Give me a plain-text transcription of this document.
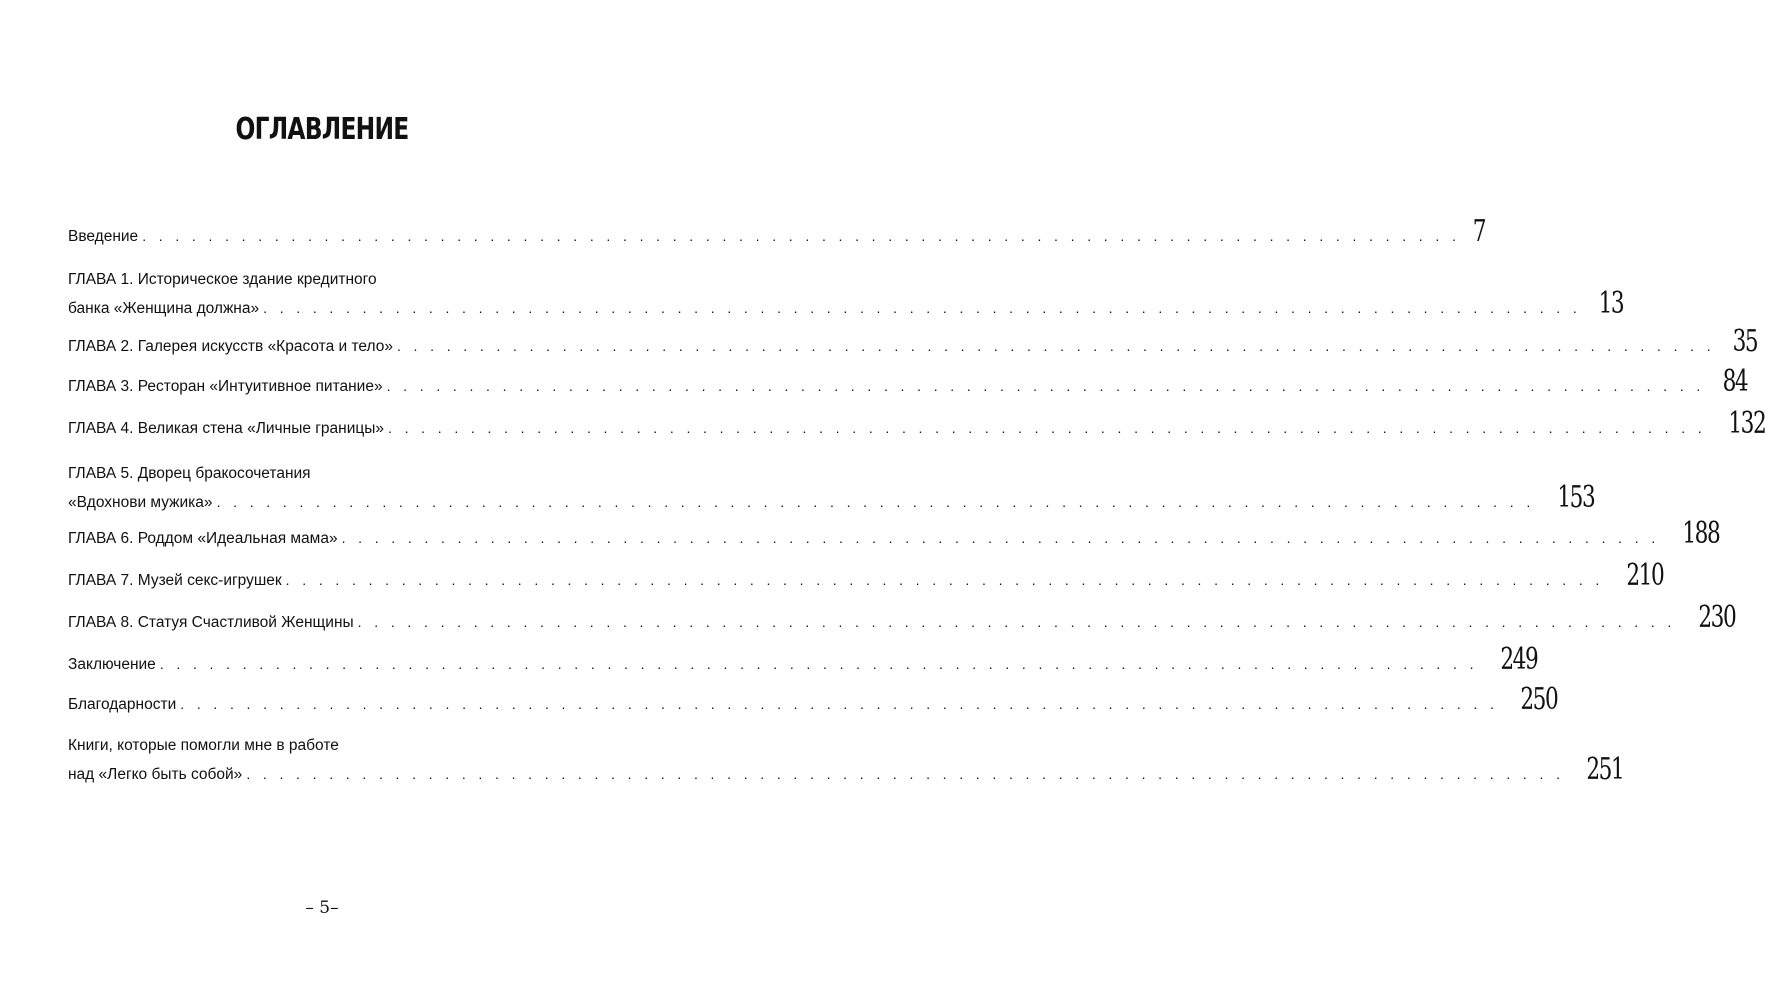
ОГЛАВЛЕНИЕ
Введение . . . . . . . . . . . . . . . . . . . . . . . . . . . . . . . . . . . . . . . . . . . . . . . . . . . . . . . . . . . . . . . . . . . . . . . . . . . . . . . . 7
ГЛАВА 1. Историческое здание кредитного
банка «Женщина должна» . . . . . . . . . . . . . . . . . . . . . . . . . . . . . . . . . . . . . . . . . . . . . . . . . . . . . . . . . . . . . . . . . . . . . . . . . . . . . . . . 13
ГЛАВА 2. Галерея искусств «Красота и тело» . . . . . . . . . . . . . . . . . . . . . . . . . . . . . . . . . . . . . . . . . . . . . . . . . . . . . . . . . . . . . . . . . . . . . . . . . . . . . . . . 35
ГЛАВА 3. Ресторан «Интуитивное питание» . . . . . . . . . . . . . . . . . . . . . . . . . . . . . . . . . . . . . . . . . . . . . . . . . . . . . . . . . . . . . . . . . . . . . . . . . . . . . . . . 84
ГЛАВА 4. Великая стена «Личные границы» . . . . . . . . . . . . . . . . . . . . . . . . . . . . . . . . . . . . . . . . . . . . . . . . . . . . . . . . . . . . . . . . . . . . . . . . . . . . . . . . 132
ГЛАВА 5. Дворец бракосочетания
«Вдохнови мужика» . . . . . . . . . . . . . . . . . . . . . . . . . . . . . . . . . . . . . . . . . . . . . . . . . . . . . . . . . . . . . . . . . . . . . . . . . . . . . . . . 153
ГЛАВА 6. Роддом «Идеальная мама» . . . . . . . . . . . . . . . . . . . . . . . . . . . . . . . . . . . . . . . . . . . . . . . . . . . . . . . . . . . . . . . . . . . . . . . . . . . . . . . . 188
ГЛАВА 7. Музей секс-игрушек . . . . . . . . . . . . . . . . . . . . . . . . . . . . . . . . . . . . . . . . . . . . . . . . . . . . . . . . . . . . . . . . . . . . . . . . . . . . . . . . 210
ГЛАВА 8. Статуя Счастливой Женщины . . . . . . . . . . . . . . . . . . . . . . . . . . . . . . . . . . . . . . . . . . . . . . . . . . . . . . . . . . . . . . . . . . . . . . . . . . . . . . . . 230
Заключение . . . . . . . . . . . . . . . . . . . . . . . . . . . . . . . . . . . . . . . . . . . . . . . . . . . . . . . . . . . . . . . . . . . . . . . . . . . . . . . . 249
Благодарности . . . . . . . . . . . . . . . . . . . . . . . . . . . . . . . . . . . . . . . . . . . . . . . . . . . . . . . . . . . . . . . . . . . . . . . . . . . . . . . . 250
Книги, которые помогли мне в работе
над «Легко быть собой» . . . . . . . . . . . . . . . . . . . . . . . . . . . . . . . . . . . . . . . . . . . . . . . . . . . . . . . . . . . . . . . . . . . . . . . . . . . . . . . . 251
– 5–
